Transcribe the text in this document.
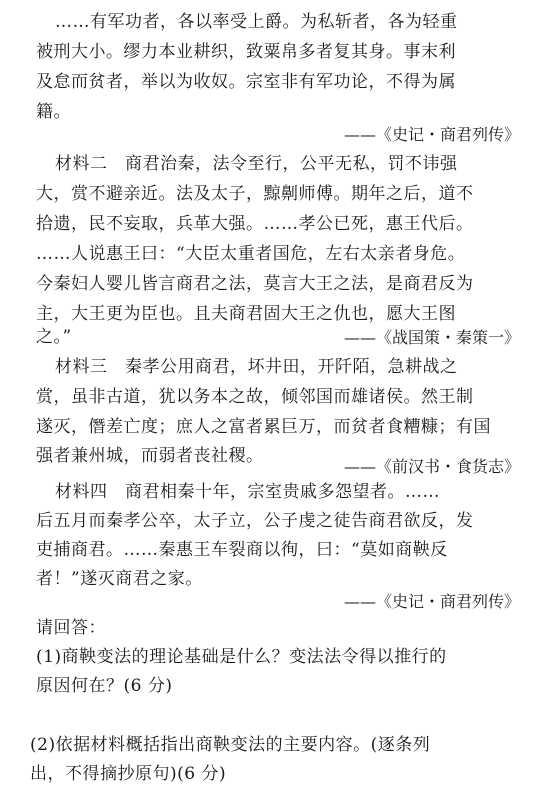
……有军功者，各以率受上爵。为私斩者，各为轻重
被刑大小。缪力本业耕织，致粟帛多者复其身。事末利
及怠而贫者，举以为收奴。宗室非有军功论，不得为属
籍。
——《史记・商君列传》
材料二　商君治秦，法令至行，公平无私，罚不讳强
大，赏不避亲近。法及太子，黥劓师傅。期年之后，道不
拾遗，民不妄取，兵革大强。……孝公已死，惠王代后。
……人说惠王曰：“大臣太重者国危，左右太亲者身危。
今秦妇人婴儿皆言商君之法，莫言大王之法，是商君反为
主，大王更为臣也。且夫商君固大王之仇也，愿大王图
之。”	——《战国策・秦策一》
材料三　秦孝公用商君，坏井田，开阡陌，急耕战之
赏，虽非古道，犹以务本之故，倾邻国而雄诸侯。然王制
遂灭，僭差亡度；庶人之富者累巨万，而贫者食糟糠；有国
强者兼州城，而弱者丧社稷。
——《前汉书・食货志》
材料四　商君相秦十年，宗室贵戚多怨望者。……
后五月而秦孝公卒，太子立，公子虔之徒告商君欲反，发
吏捕商君。……秦惠王车裂商以徇，曰：“莫如商鞅反
者！”遂灭商君之家。
——《史记・商君列传》
请回答：
(1)商鞅变法的理论基础是什么？变法法令得以推行的
原因何在？(6 分)
(2)依据材料概括指出商鞅变法的主要内容。(逐条列
出，不得摘抄原句)(6 分)
